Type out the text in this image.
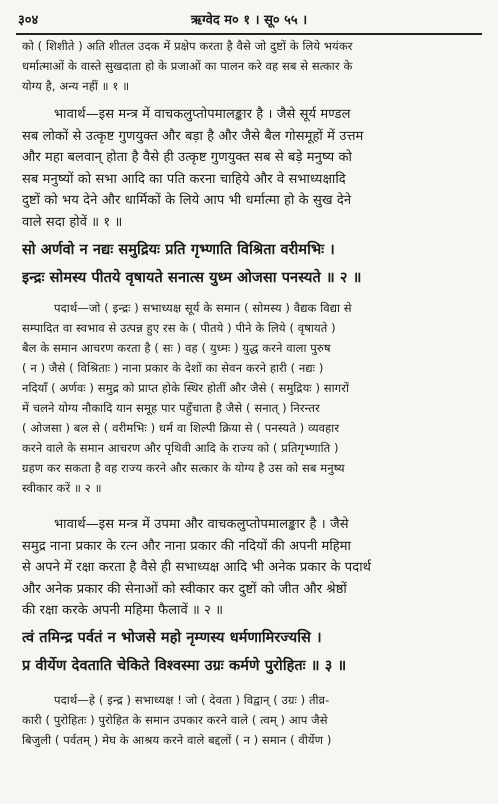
३०४	ऋग्वेद म० १ । सू० ५५ ।
को ( शिशीते ) अति शीतल उदक में प्रक्षेप करता है वैसे जो दुष्टों के लिये भयंकर
धर्मात्माओं के वास्ते सुखदाता हो के प्रजाओं का पालन करे वह सब से सत्कार के
योग्य है, अन्य नहीं ॥ १ ॥
भावार्थ—इस मन्त्र में वाचकलुप्तोपमालङ्कार है । जैसे सूर्य मण्डल
सब लोकों से उत्कृष्ट गुणयुक्त और बड़ा है और जैसे बैल गोसमूहों में उत्तम
और महा बलवान् होता है वैसे ही उत्कृष्ट गुणयुक्त सब से बड़े मनुष्य को
सब मनुष्यों को सभा आदि का पति करना चाहिये और वे सभाध्यक्षादि
दुष्टों को भय देने और धार्मिकों के लिये आप भी धर्मात्मा हो के सुख देने
वाले सदा होवें ॥ १ ॥
सो अर्णवो न नद्यः समुद्रियः प्रति गृभ्णाति विश्रिता वरीमभिः ।
इन्द्रः सोमस्य पीतये वृषायते सनात्स युध्म ओजसा पनस्यते ॥ २ ॥
पदार्थ—जो ( इन्द्रः ) सभाध्यक्ष सूर्य के समान ( सोमस्य ) वैद्यक विद्या से
सम्पादित वा स्वभाव से उत्पन्न हुए रस के ( पीतये ) पीने के लिये ( वृषायते )
बैल के समान आचरण करता है ( सः ) वह ( युध्मः ) युद्ध करने वाला पुरुष
( न ) जैसे ( विश्रिताः ) नाना प्रकार के देशों का सेवन करने हारी ( नद्यः )
नदियाँ ( अर्णवः ) समुद्र को प्राप्त होके स्थिर होतीं और जैसे ( समुद्रियः ) सागरों
में चलने योग्य नौकादि यान समूह पार पहुँचाता है जैसे ( सनात् ) निरन्तर
( ओजसा ) बल से ( वरीमभिः ) धर्म वा शिल्पी क्रिया से ( पनस्यते ) व्यवहार
करने वाले के समान आचरण और पृथिवी आदि के राज्य को ( प्रतिगृभ्णाति )
ग्रहण कर सकता है वह राज्य करने और सत्कार के योग्य है उस को सब मनुष्य
स्वीकार करें ॥ २ ॥
भावार्थ—इस मन्त्र में उपमा और वाचकलुप्तोपमालङ्कार है । जैसे
समुद्र नाना प्रकार के रत्न और नाना प्रकार की नदियों की अपनी महिमा
से अपने में रक्षा करता है वैसे ही सभाध्यक्ष आदि भी अनेक प्रकार के पदार्थ
और अनेक प्रकार की सेनाओं को स्वीकार कर दुष्टों को जीत और श्रेष्ठों
की रक्षा करके अपनी महिमा फैलावें ॥ २ ॥
त्वं तमिन्द्र पर्वतं न भोजसे महो नृम्णस्य धर्मणामिरज्यसि ।
प्र वीर्येण देवताति चेकिते विश्वस्मा उग्रः कर्मणे पुरोहितः ॥ ३ ॥
पदार्थ—हे ( इन्द्र ) सभाध्यक्ष ! जो ( देवता ) विद्वान् ( उग्रः ) तीव्र-
कारी ( पुरोहितः ) पुरोहित के समान उपकार करने वाले ( त्वम् ) आप जैसे
बिजुली ( पर्वतम् ) मेघ के आश्रय करने वाले बद्दलों ( न ) समान ( वीर्येण )
